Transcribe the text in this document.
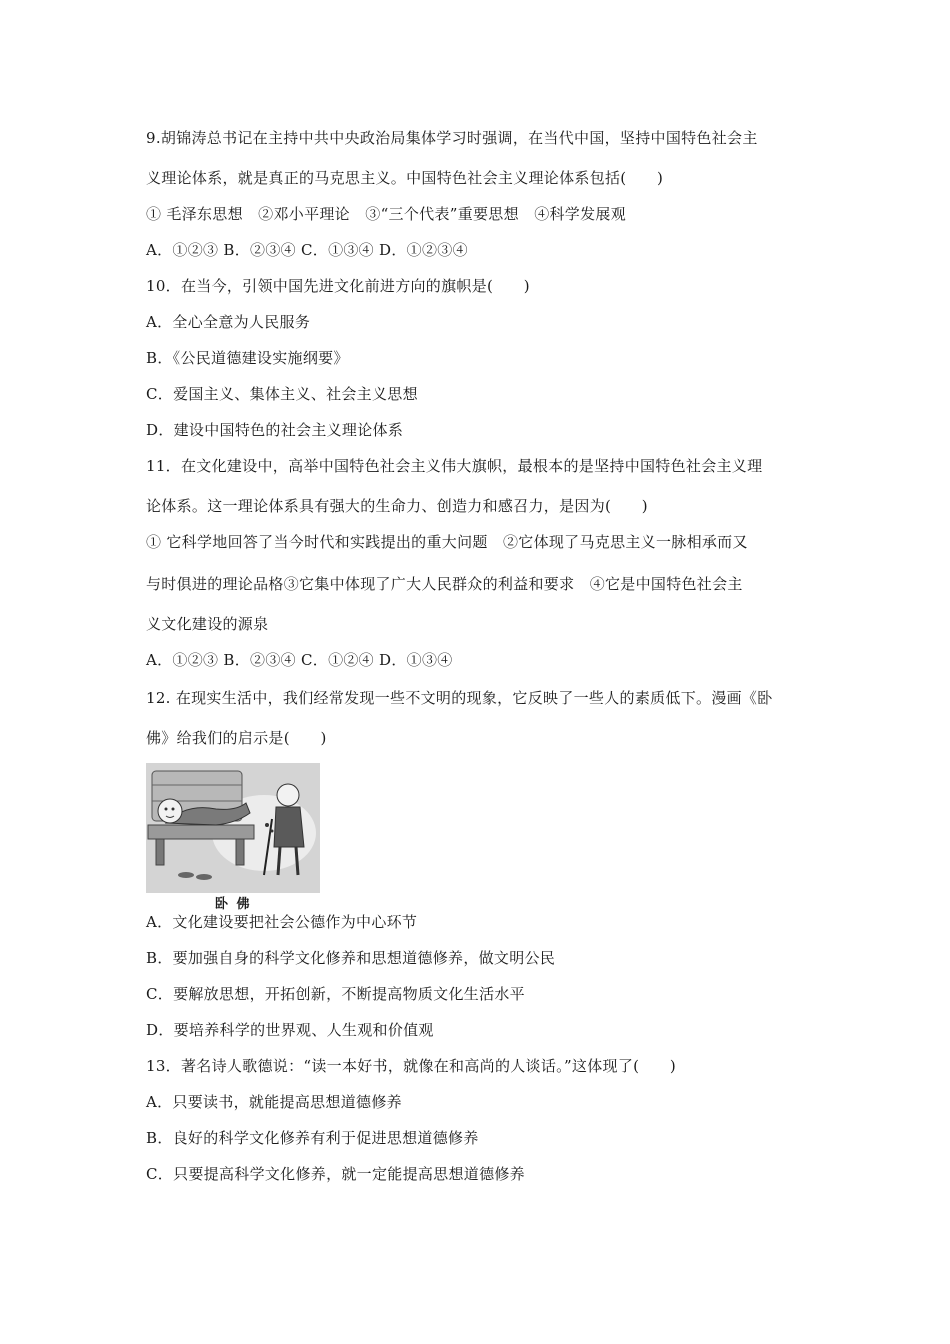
9.胡锦涛总书记在主持中共中央政治局集体学习时强调，在当代中国，坚持中国特色社会主
义理论体系，就是真正的马克思主义。中国特色社会主义理论体系包括(　　)
① 毛泽东思想　②邓小平理论　③“三个代表”重要思想　④科学发展观
A．①②③ B．②③④ C．①③④ D．①②③④
10．在当今，引领中国先进文化前进方向的旗帜是(　　)
A．全心全意为人民服务
B．《公民道德建设实施纲要》
C．爱国主义、集体主义、社会主义思想
D．建设中国特色的社会主义理论体系
11．在文化建设中，高举中国特色社会主义伟大旗帜，最根本的是坚持中国特色社会主义理
论体系。这一理论体系具有强大的生命力、创造力和感召力，是因为(　　)
① 它科学地回答了当今时代和实践提出的重大问题　②它体现了马克思主义一脉相承而又
与时俱进的理论品格③它集中体现了广大人民群众的利益和要求　④它是中国特色社会主
义文化建设的源泉
A．①②③ B．②③④ C．①②④ D．①③④
12. 在现实生活中，我们经常发现一些不文明的现象，它反映了一些人的素质低下。漫画《卧
佛》给我们的启示是(　　)
卧 佛
A．文化建设要把社会公德作为中心环节
B．要加强自身的科学文化修养和思想道德修养，做文明公民
C．要解放思想，开拓创新，不断提高物质文化生活水平
D．要培养科学的世界观、人生观和价值观
13．著名诗人歌德说：“读一本好书，就像在和高尚的人谈话。”这体现了(　　)
A．只要读书，就能提高思想道德修养
B．良好的科学文化修养有利于促进思想道德修养
C．只要提高科学文化修养，就一定能提高思想道德修养
